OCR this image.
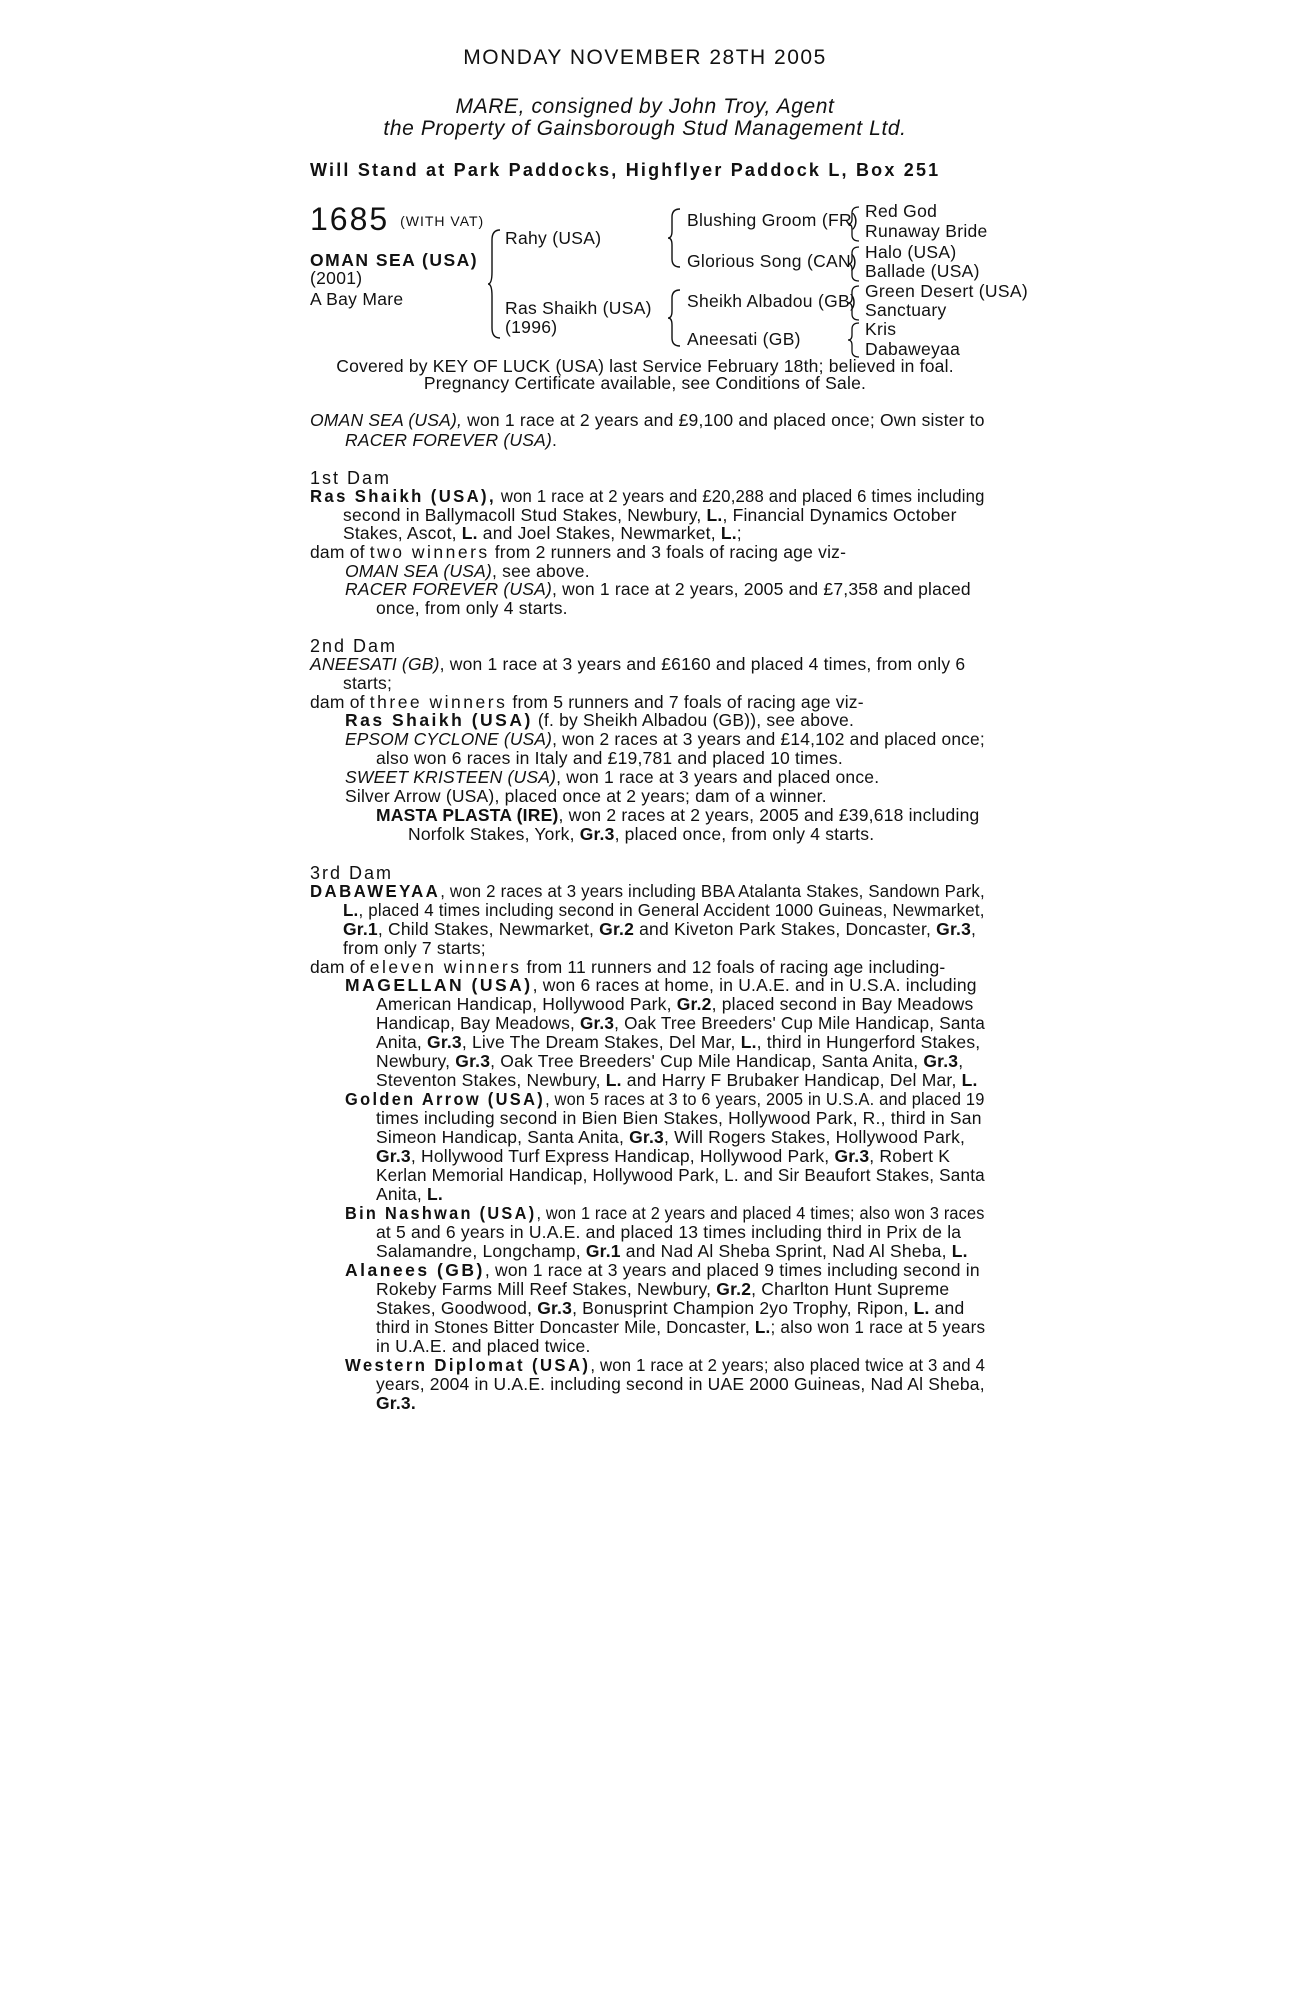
MONDAY NOVEMBER 28TH 2005
MARE, consigned by John Troy, Agent
the Property of Gainsborough Stud Management Ltd.
Will Stand at Park Paddocks, Highflyer Paddock L, Box 251
1685 (WITH VAT)
OMAN SEA (USA)
(2001)
A Bay Mare
Rahy (USA)
Ras Shaikh (USA)
(1996)
Blushing Groom (FR)
Glorious Song (CAN)
Sheikh Albadou (GB)
Aneesati (GB)
Red God
Runaway Bride
Halo (USA)
Ballade (USA)
Green Desert (USA)
Sanctuary
Kris
Dabaweyaa
Covered by KEY OF LUCK (USA) last Service February 18th; believed in foal.
Pregnancy Certificate available, see Conditions of Sale.
OMAN SEA (USA), won 1 race at 2 years and £9,100 and placed once; Own sister to
RACER FOREVER (USA).
1st Dam
Ras Shaikh (USA), won 1 race at 2 years and £20,288 and placed 6 times including
second in Ballymacoll Stud Stakes, Newbury, L., Financial Dynamics October
Stakes, Ascot, L. and Joel Stakes, Newmarket, L.;
dam of two winners from 2 runners and 3 foals of racing age viz-
OMAN SEA (USA), see above.
RACER FOREVER (USA), won 1 race at 2 years, 2005 and £7,358 and placed
once, from only 4 starts.
2nd Dam
ANEESATI (GB), won 1 race at 3 years and £6160 and placed 4 times, from only 6
starts;
dam of three winners from 5 runners and 7 foals of racing age viz-
Ras Shaikh (USA) (f. by Sheikh Albadou (GB)), see above.
EPSOM CYCLONE (USA), won 2 races at 3 years and £14,102 and placed once;
also won 6 races in Italy and £19,781 and placed 10 times.
SWEET KRISTEEN (USA), won 1 race at 3 years and placed once.
Silver Arrow (USA), placed once at 2 years; dam of a winner.
MASTA PLASTA (IRE), won 2 races at 2 years, 2005 and £39,618 including
Norfolk Stakes, York, Gr.3, placed once, from only 4 starts.
3rd Dam
DABAWEYAA, won 2 races at 3 years including BBA Atalanta Stakes, Sandown Park,
L., placed 4 times including second in General Accident 1000 Guineas, Newmarket,
Gr.1, Child Stakes, Newmarket, Gr.2 and Kiveton Park Stakes, Doncaster, Gr.3,
from only 7 starts;
dam of eleven winners from 11 runners and 12 foals of racing age including-
MAGELLAN (USA), won 6 races at home, in U.A.E. and in U.S.A. including
American Handicap, Hollywood Park, Gr.2, placed second in Bay Meadows
Handicap, Bay Meadows, Gr.3, Oak Tree Breeders' Cup Mile Handicap, Santa
Anita, Gr.3, Live The Dream Stakes, Del Mar, L., third in Hungerford Stakes,
Newbury, Gr.3, Oak Tree Breeders' Cup Mile Handicap, Santa Anita, Gr.3,
Steventon Stakes, Newbury, L. and Harry F Brubaker Handicap, Del Mar, L.
Golden Arrow (USA), won 5 races at 3 to 6 years, 2005 in U.S.A. and placed 19
times including second in Bien Bien Stakes, Hollywood Park, R., third in San
Simeon Handicap, Santa Anita, Gr.3, Will Rogers Stakes, Hollywood Park,
Gr.3, Hollywood Turf Express Handicap, Hollywood Park, Gr.3, Robert K
Kerlan Memorial Handicap, Hollywood Park, L. and Sir Beaufort Stakes, Santa
Anita, L.
Bin Nashwan (USA), won 1 race at 2 years and placed 4 times; also won 3 races
at 5 and 6 years in U.A.E. and placed 13 times including third in Prix de la
Salamandre, Longchamp, Gr.1 and Nad Al Sheba Sprint, Nad Al Sheba, L.
Alanees (GB), won 1 race at 3 years and placed 9 times including second in
Rokeby Farms Mill Reef Stakes, Newbury, Gr.2, Charlton Hunt Supreme
Stakes, Goodwood, Gr.3, Bonusprint Champion 2yo Trophy, Ripon, L. and
third in Stones Bitter Doncaster Mile, Doncaster, L.; also won 1 race at 5 years
in U.A.E. and placed twice.
Western Diplomat (USA), won 1 race at 2 years; also placed twice at 3 and 4
years, 2004 in U.A.E. including second in UAE 2000 Guineas, Nad Al Sheba,
Gr.3.
